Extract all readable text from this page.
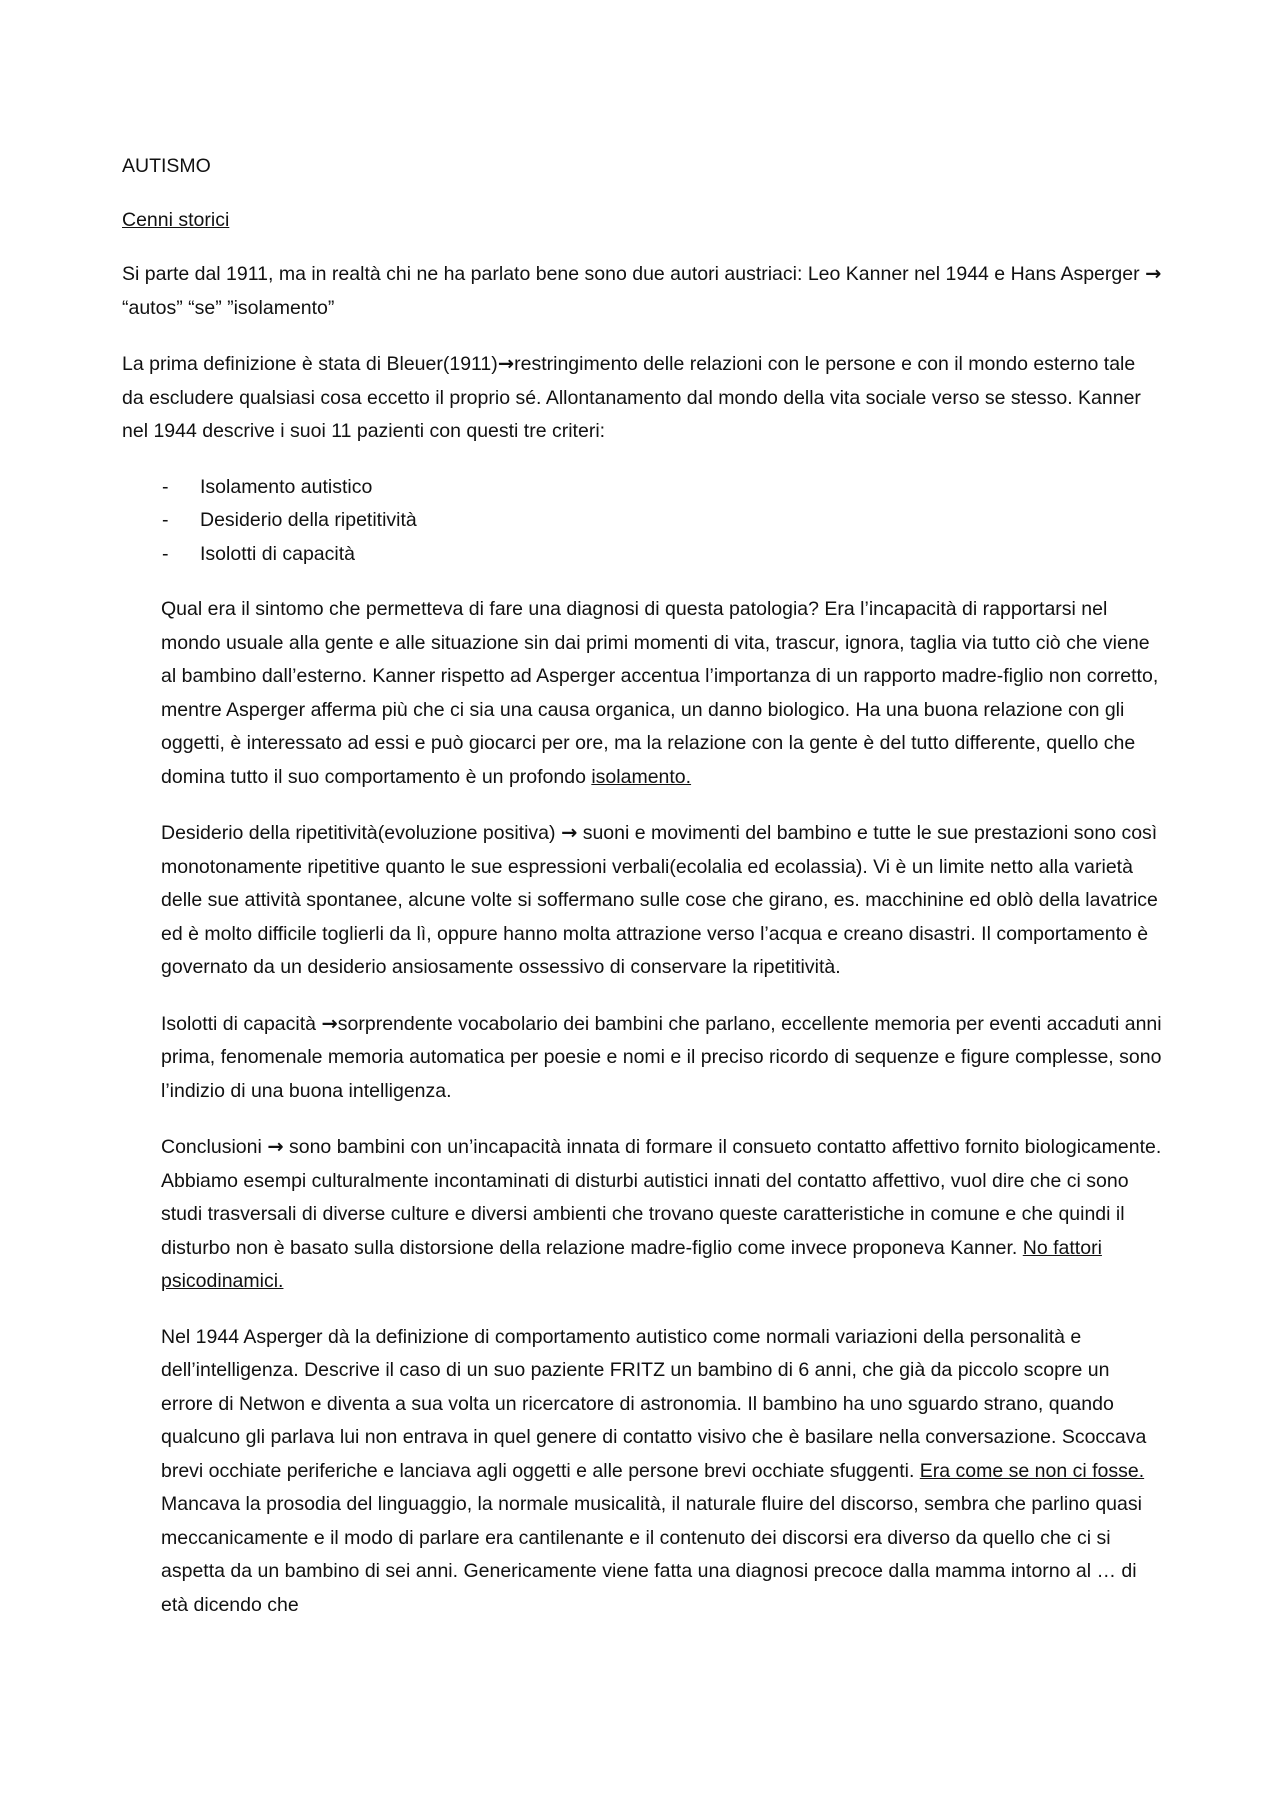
AUTISMO

Cenni storici

Si parte dal 1911, ma in realtà chi ne ha parlato bene sono due autori austriaci: Leo Kanner nel 1944 e Hans Asperger → “autos” “se” ”isolamento”

La prima definizione è stata di Bleuer(1911)→restringimento delle relazioni con le persone e con il mondo esterno tale da escludere qualsiasi cosa eccetto il proprio sé. Allontanamento dal mondo della vita sociale verso se stesso. Kanner nel 1944 descrive i suoi 11 pazienti con questi tre criteri:

- Isolamento autistico
- Desiderio della ripetitività
- Isolotti di capacità

Qual era il sintomo che permetteva di fare una diagnosi di questa patologia? Era l’incapacità di rapportarsi nel mondo usuale alla gente e alle situazione sin dai primi momenti di vita, trascur, ignora, taglia via tutto ciò che viene al bambino dall’esterno. Kanner rispetto ad Asperger accentua l’importanza di un rapporto madre-figlio non corretto, mentre Asperger afferma più che ci sia una causa organica, un danno biologico. Ha una buona relazione con gli oggetti, è interessato ad essi e può giocarci per ore, ma la relazione con la gente è del tutto differente, quello che domina tutto il suo comportamento è un profondo isolamento.

Desiderio della ripetitività(evoluzione positiva) → suoni e movimenti del bambino e tutte le sue prestazioni sono così monotonamente ripetitive quanto le sue espressioni verbali(ecolalia ed ecolassia). Vi è un limite netto alla varietà delle sue attività spontanee, alcune volte si soffermano sulle cose che girano, es. macchinine ed oblò della lavatrice ed è molto difficile toglierli da lì, oppure hanno molta attrazione verso l’acqua e creano disastri. Il comportamento è governato da un desiderio ansiosamente ossessivo di conservare la ripetitività.

Isolotti di capacità →sorprendente vocabolario dei bambini che parlano, eccellente memoria per eventi accaduti anni prima, fenomenale memoria automatica per poesie e nomi e il preciso ricordo di sequenze e figure complesse, sono l’indizio di una buona intelligenza.

Conclusioni → sono bambini con un’incapacità innata di formare il consueto contatto affettivo fornito biologicamente. Abbiamo esempi culturalmente incontaminati di disturbi autistici innati del contatto affettivo, vuol dire che ci sono studi trasversali di diverse culture e diversi ambienti che trovano queste caratteristiche in comune e che quindi il disturbo non è basato sulla distorsione della relazione madre-figlio come invece proponeva Kanner. No fattori psicodinamici.

Nel 1944 Asperger dà la definizione di comportamento autistico come normali variazioni della personalità e dell’intelligenza. Descrive il caso di un suo paziente FRITZ un bambino di 6 anni, che già da piccolo scopre un errore di Netwon e diventa a sua volta un ricercatore di astronomia. Il bambino ha uno sguardo strano, quando qualcuno gli parlava lui non entrava in quel genere di contatto visivo che è basilare nella conversazione. Scoccava brevi occhiate periferiche e lanciava agli oggetti e alle persone brevi occhiate sfuggenti. Era come se non ci fosse. Mancava la prosodia del linguaggio, la normale musicalità, il naturale fluire del discorso, sembra che parlino quasi meccanicamente e il modo di parlare era cantilenante e il contenuto dei discorsi era diverso da quello che ci si aspetta da un bambino di sei anni. Genericamente viene fatta una diagnosi precoce dalla mamma intorno al … di età dicendo che
